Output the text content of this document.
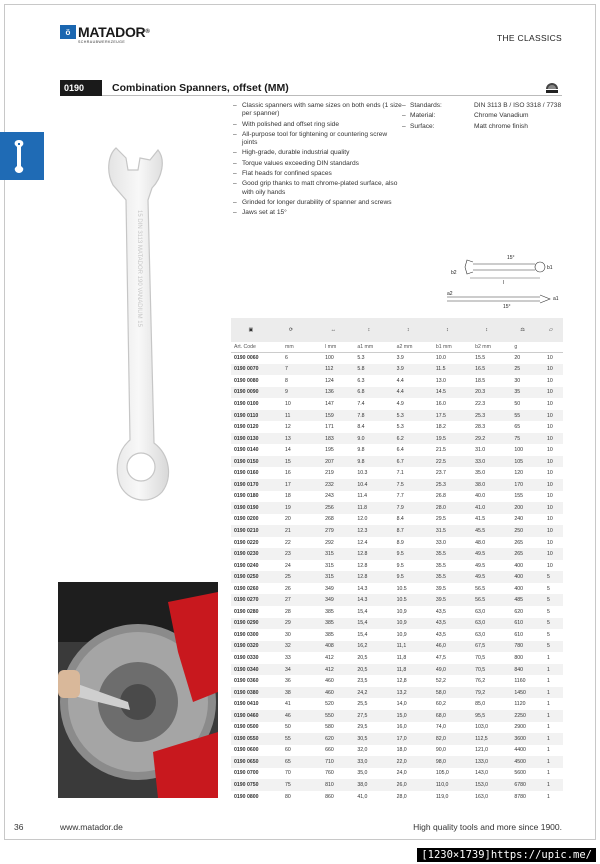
ö MATADOR®
SCHRAUBWERKZEUGE	THE CLASSICS
0190	Combination Spanners, offset (MM)
15 DIN 3113 MATADOR 190 VANADIUM 15
– Classic spanners with same sizes on both ends (1 size per spanner)
– With polished and offset ring side
– All-purpose tool for tightening or countering screw joints
– High-grade, durable industrial quality
– Torque values exceeding DIN standards
– Flat heads for confined spaces
– Good grip thanks to matt chrome-plated surface, also with oily hands
– Grinded for longer durability of spanner and screws
– Jaws set at 15°
– Standards:	DIN 3113 B / ISO 3318 / 7738
– Material:	Chrome Vanadium
– Surface:	Matt chrome finish
15°
b1
b2
l
a2
15°
a1
▣	⟳		↔	↕	↕	↕	↕	⚖	▱
Art. Code	mm		l mm	a1 mm	a2 mm	b1 mm	b2 mm	g	
0190 0060	6		100	5.3	3.9	10.0	15.5	20	10
0190 0070	7		112	5.8	3.9	11.5	16.5	25	10
0190 0080	8		124	6.3	4.4	13.0	18.5	30	10
0190 0090	9		136	6.8	4.4	14.5	20.3	35	10
0190 0100	10		147	7.4	4.9	16.0	22.3	50	10
0190 0110	11		159	7.8	5.3	17.5	25.3	55	10
0190 0120	12		171	8.4	5.3	18.2	28.3	65	10
0190 0130	13		183	9.0	6.2	19.5	29.2	75	10
0190 0140	14		195	9.8	6.4	21.5	31.0	100	10
0190 0150	15		207	9.8	6.7	22.5	33.0	105	10
0190 0160	16		219	10.3	7.1	23.7	35.0	120	10
0190 0170	17		232	10.4	7.5	25.3	38.0	170	10
0190 0180	18		243	11.4	7.7	26.8	40.0	155	10
0190 0190	19		256	11.8	7.9	28.0	41.0	200	10
0190 0200	20		268	12.0	8.4	29.5	41.5	240	10
0190 0210	21		279	12.3	8.7	31.5	45.5	250	10
0190 0220	22		292	12.4	8.9	33.0	48.0	265	10
0190 0230	23		315	12.8	9.5	35.5	49.5	265	10
0190 0240	24		315	12.8	9.5	35.5	49.5	400	10
0190 0250	25		315	12.8	9.5	35.5	49.5	400	5
0190 0260	26		349	14.3	10.5	39.5	56.5	400	5
0190 0270	27		349	14.3	10.5	39.5	56.5	485	5
0190 0280	28		385	15,4	10,9	43,5	63,0	620	5
0190 0290	29		385	15,4	10,9	43,5	63,0	610	5
0190 0300	30		385	15,4	10,9	43,5	63,0	610	5
0190 0320	32		408	16,2	11,1	46,0	67,5	780	5
0190 0330	33		412	20,5	11,8	47,5	70,5	800	1
0190 0340	34		412	20,5	11,8	49,0	70,5	840	1
0190 0360	36		460	23,5	12,8	52,2	76,2	1160	1
0190 0380	38		460	24,2	13,2	58,0	79,2	1450	1
0190 0410	41		520	25,5	14,0	60,2	85,0	1120	1
0190 0460	46		550	27,5	15,0	68,0	95,5	2250	1
0190 0500	50		580	29,5	16,0	74,0	103,0	2900	1
0190 0550	55		620	30,5	17,0	82,0	112,5	3600	1
0190 0600	60		660	32,0	18,0	90,0	121,0	4400	1
0190 0650	65		710	33,0	22,0	98,0	133,0	4500	1
0190 0700	70		760	35,0	24,0	105,0	143,0	5600	1
0190 0750	75		810	38,0	26,0	110,0	153,0	6780	1
0190 0800	80		860	41,0	28,0	119,0	163,0	8780	1
36	www.matador.de	High quality tools and more since 1900.
[1230×1739]https://upic.me/
